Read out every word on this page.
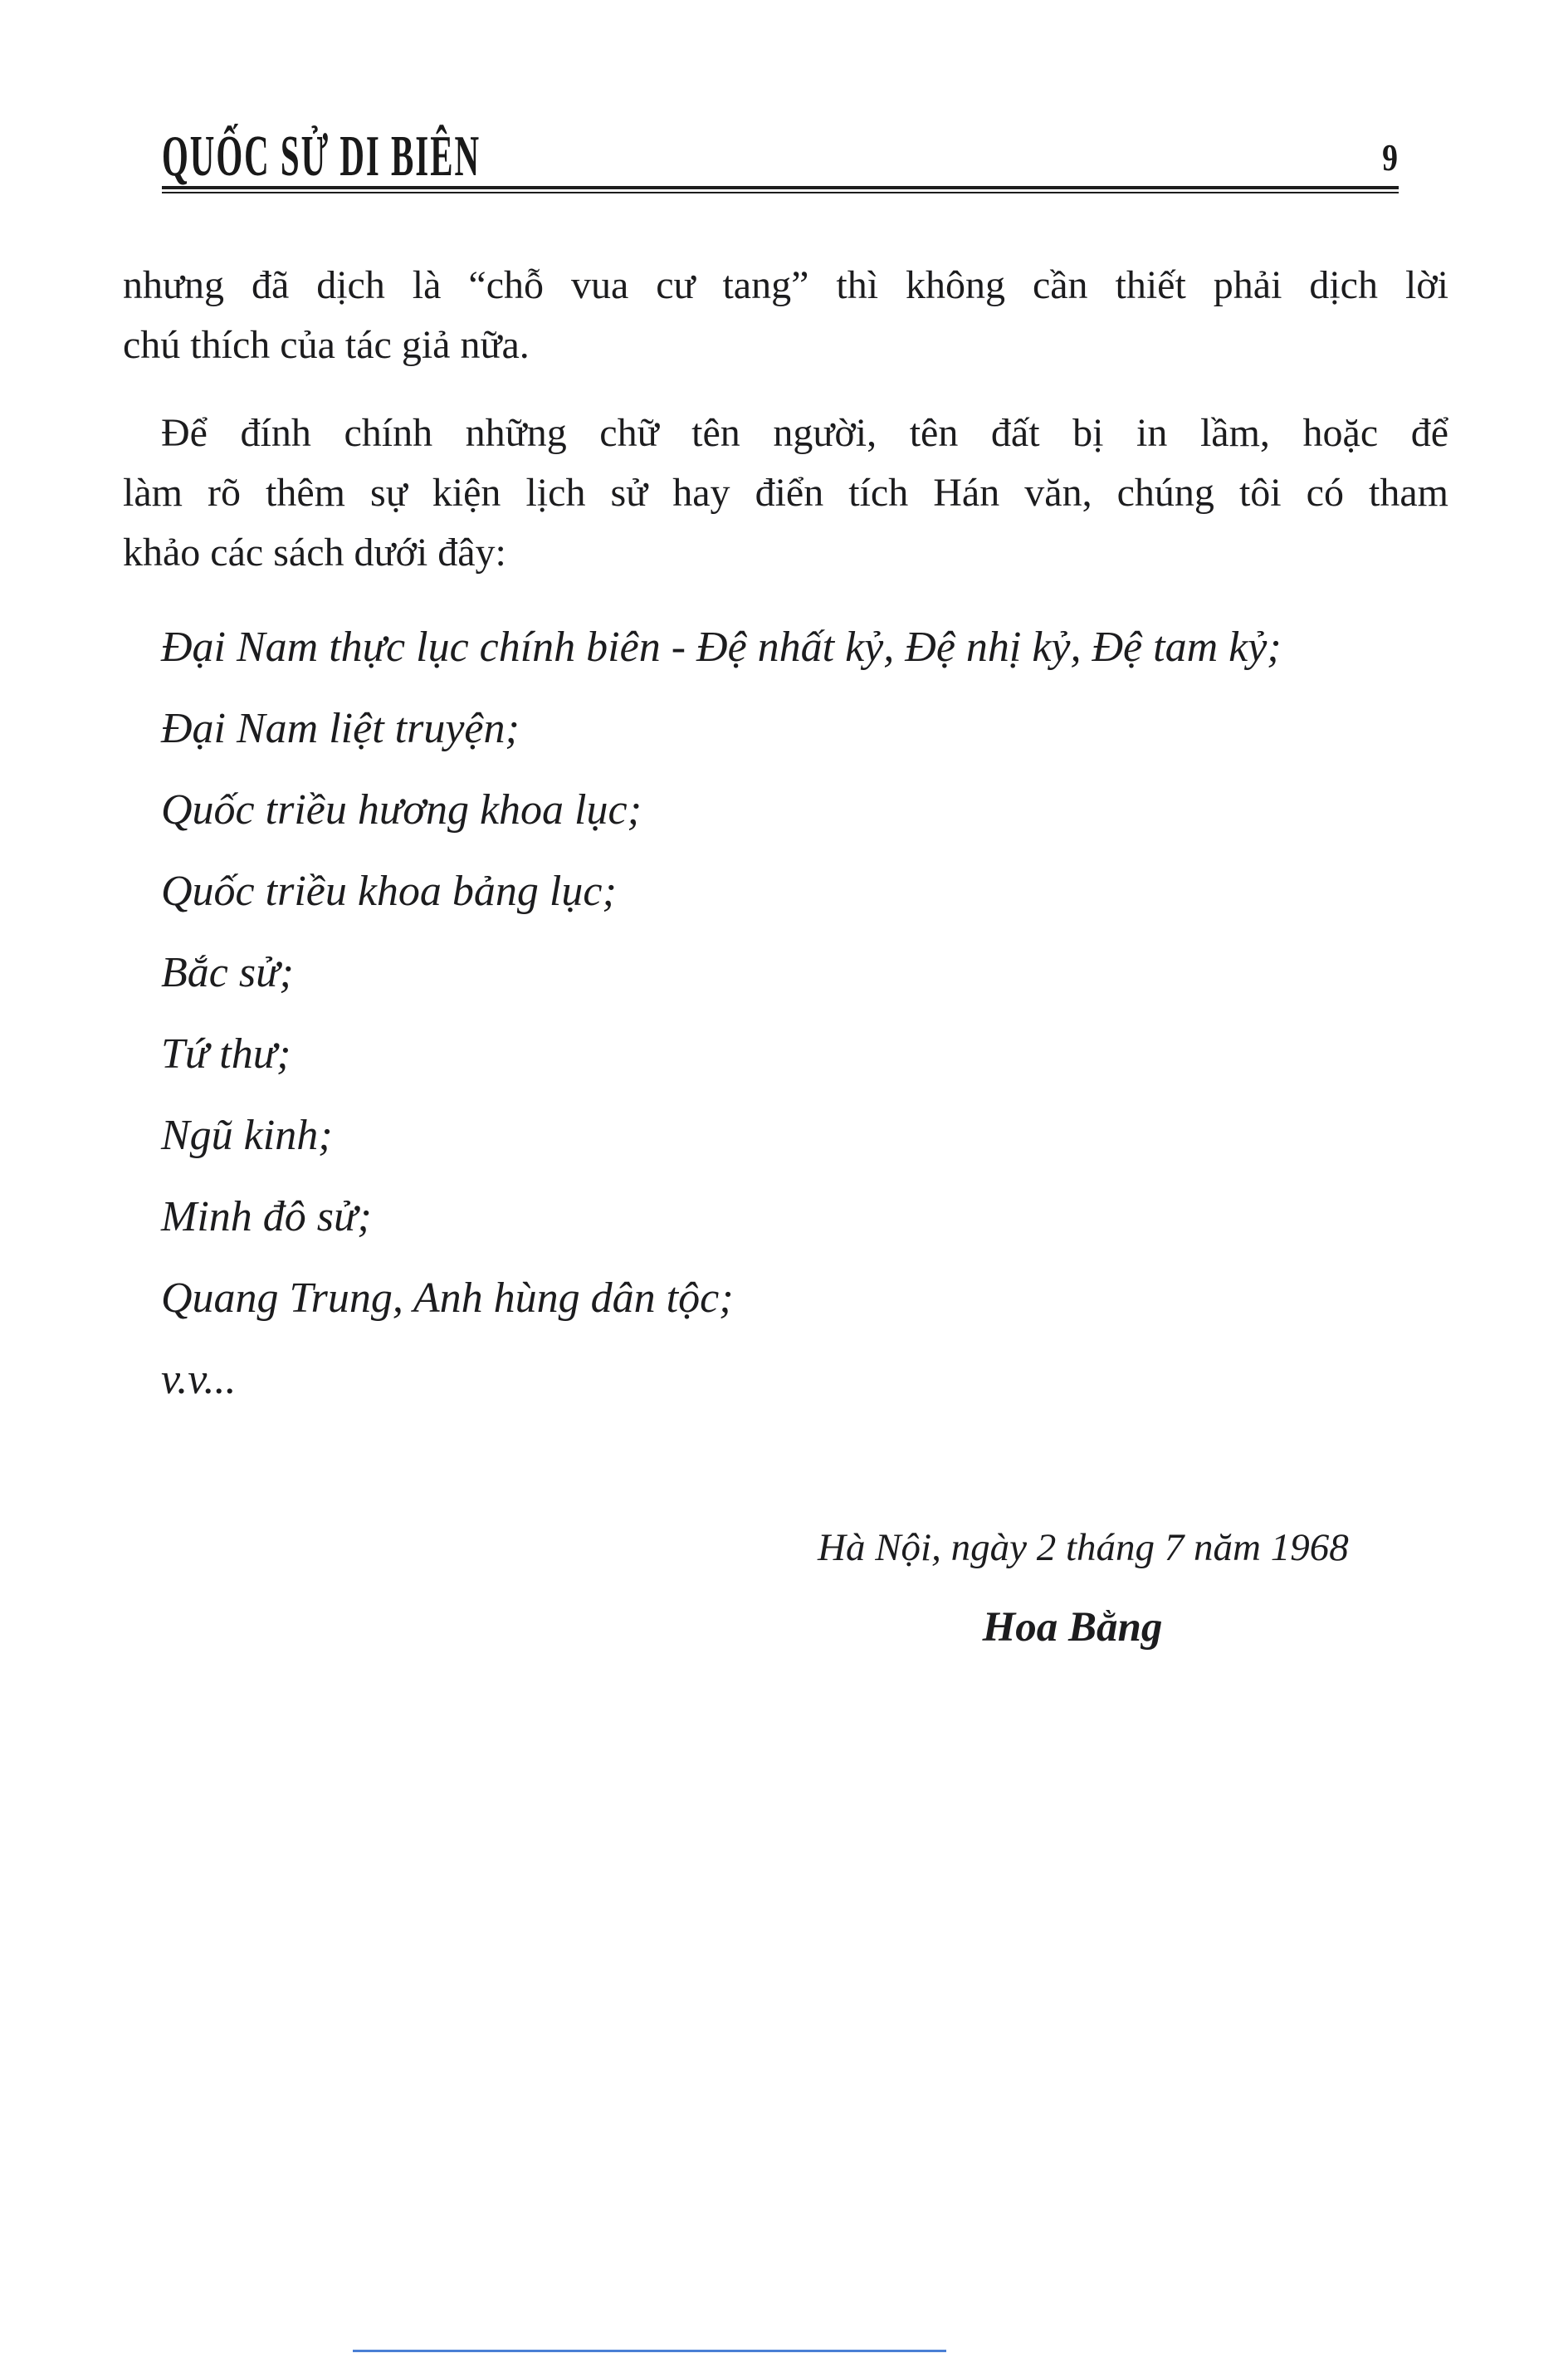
QUỐC SỬ DI BIÊN	9
nhưng đã dịch là “chỗ vua cư tang” thì không cần thiết phải dịch lời
chú thích của tác giả nữa.
Để đính chính những chữ tên người, tên đất bị in lầm, hoặc để
làm rõ thêm sự kiện lịch sử hay điển tích Hán văn, chúng tôi có tham
khảo các sách dưới đây:
Đại Nam thực lục chính biên - Đệ nhất kỷ, Đệ nhị kỷ, Đệ tam kỷ;
Đại Nam liệt truyện;
Quốc triều hương khoa lục;
Quốc triều khoa bảng lục;
Bắc sử;
Tứ thư;
Ngũ kinh;
Minh đô sử;
Quang Trung, Anh hùng dân tộc;
v.v...
Hà Nội, ngày 2 tháng 7 năm 1968
Hoa Bằng
